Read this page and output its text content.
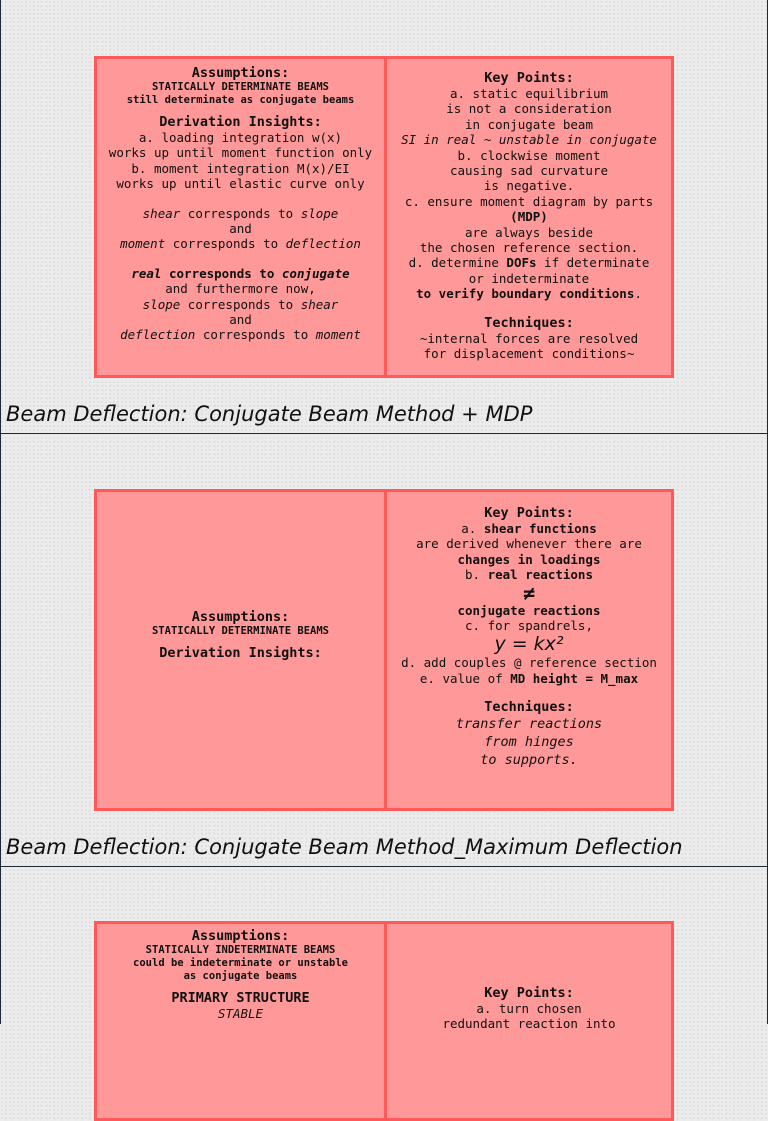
Assumptions:
STATICALLY DETERMINATE BEAMS
still determinate as conjugate beams
Derivation Insights:
a. loading integration w(x)
works up until moment function only
b. moment integration M(x)/EI
works up until elastic curve only
shear corresponds to slope
and
moment corresponds to deflection
real corresponds to conjugate
and furthermore now,
slope corresponds to shear
and
deflection corresponds to moment
Key Points:
a. static equilibrium
is not a consideration
in conjugate beam
SI in real ~ unstable in conjugate
b. clockwise moment
causing sad curvature
is negative.
c. ensure moment diagram by parts
(MDP)
are always beside
the chosen reference section.
d. determine DOFs if determinate
or indeterminate
to verify boundary conditions.
Techniques:
~internal forces are resolved
for displacement conditions~
Beam Deflection: Conjugate Beam Method + MDP
Assumptions:
STATICALLY DETERMINATE BEAMS
Derivation Insights:
Key Points:
a. shear functions
are derived whenever there are
changes in loadings
b. real reactions
≠
conjugate reactions
c. for spandrels,
y = kx²
d. add couples @ reference section
e. value of MD height = M_max
Techniques:
transfer reactions
from hinges
to supports.
Beam Deflection: Conjugate Beam Method_Maximum Deflection
Assumptions:
STATICALLY INDETERMINATE BEAMS
could be indeterminate or unstable
as conjugate beams
PRIMARY STRUCTURE
STABLE
Key Points:
a. turn chosen
redundant reaction into
